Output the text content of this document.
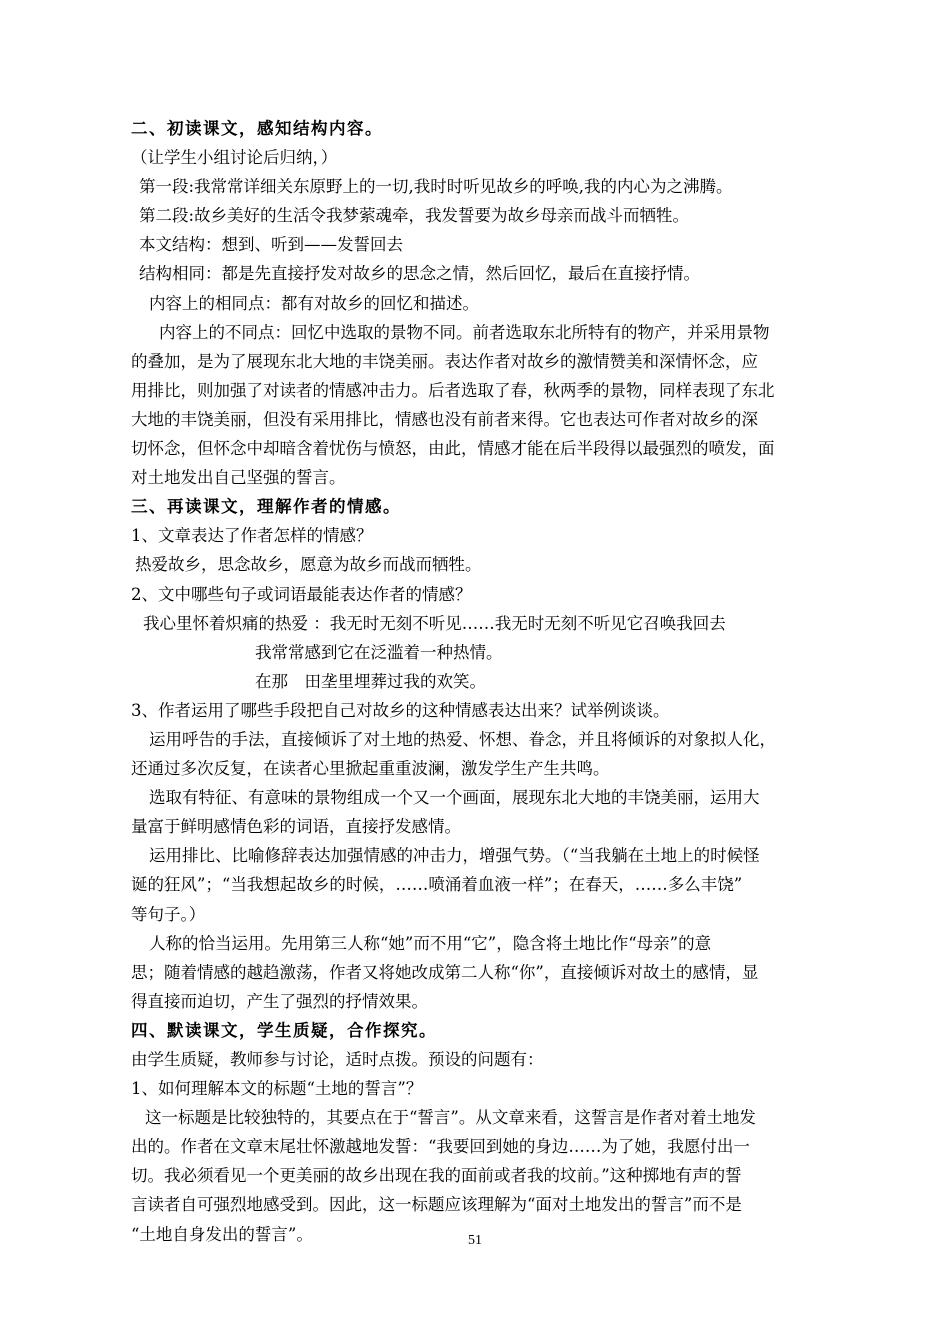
二、初读课文，感知结构内容。
（让学生小组讨论后归纳，）
第一段:我常常详细关东原野上的一切,我时时听见故乡的呼唤,我的内心为之沸腾。
第二段:故乡美好的生活令我梦萦魂牵，我发誓要为故乡母亲而战斗而牺牲。
本文结构：想到、听到——发誓回去
结构相同：都是先直接抒发对故乡的思念之情，然后回忆，最后在直接抒情。
内容上的相同点：都有对故乡的回忆和描述。
内容上的不同点：回忆中选取的景物不同。前者选取东北所特有的物产，并采用景物
的叠加，是为了展现东北大地的丰饶美丽。表达作者对故乡的激情赞美和深情怀念，应
用排比，则加强了对读者的情感冲击力。后者选取了春，秋两季的景物，同样表现了东北
大地的丰饶美丽，但没有采用排比，情感也没有前者来得。它也表达可作者对故乡的深
切怀念，但怀念中却暗含着忧伤与愤怒，由此，情感才能在后半段得以最强烈的喷发，面
对土地发出自己坚强的誓言。
三、再读课文，理解作者的情感。
1、文章表达了作者怎样的情感？
热爱故乡，思念故乡，愿意为故乡而战而牺牲。
2、文中哪些句子或词语最能表达作者的情感？
我心里怀着炽痛的热爱 ：我无时无刻不听见……我无时无刻不听见它召唤我回去
我常常感到它在泛滥着一种热情。
在那　田垄里埋葬过我的欢笑。
3、作者运用了哪些手段把自己对故乡的这种情感表达出来？试举例谈谈。
运用呼告的手法，直接倾诉了对土地的热爱、怀想、眷念，并且将倾诉的对象拟人化，
还通过多次反复，在读者心里掀起重重波澜，激发学生产生共鸣。
选取有特征、有意味的景物组成一个又一个画面，展现东北大地的丰饶美丽，运用大
量富于鲜明感情色彩的词语，直接抒发感情。
运用排比、比喻修辞表达加强情感的冲击力，增强气势。（“当我躺在土地上的时候怪
诞的狂风”；“当我想起故乡的时候，……喷涌着血液一样”；在春天，……多么丰饶”
等句子。）
人称的恰当运用。先用第三人称“她”而不用“它”，隐含将土地比作“母亲”的意
思；随着情感的越趋激荡，作者又将她改成第二人称“你”，直接倾诉对故土的感情，显
得直接而迫切，产生了强烈的抒情效果。
四、默读课文，学生质疑，合作探究。
由学生质疑，教师参与讨论，适时点拨。预设的问题有：
1、如何理解本文的标题“土地的誓言”？
这一标题是比较独特的，其要点在于“誓言”。从文章来看，这誓言是作者对着土地发
出的。作者在文章末尾壮怀激越地发誓：“我要回到她的身边……为了她，我愿付出一
切。我必须看见一个更美丽的故乡出现在我的面前或者我的坟前。”这种掷地有声的誓
言读者自可强烈地感受到。因此，这一标题应该理解为“面对土地发出的誓言”而不是
“土地自身发出的誓言”。	51
